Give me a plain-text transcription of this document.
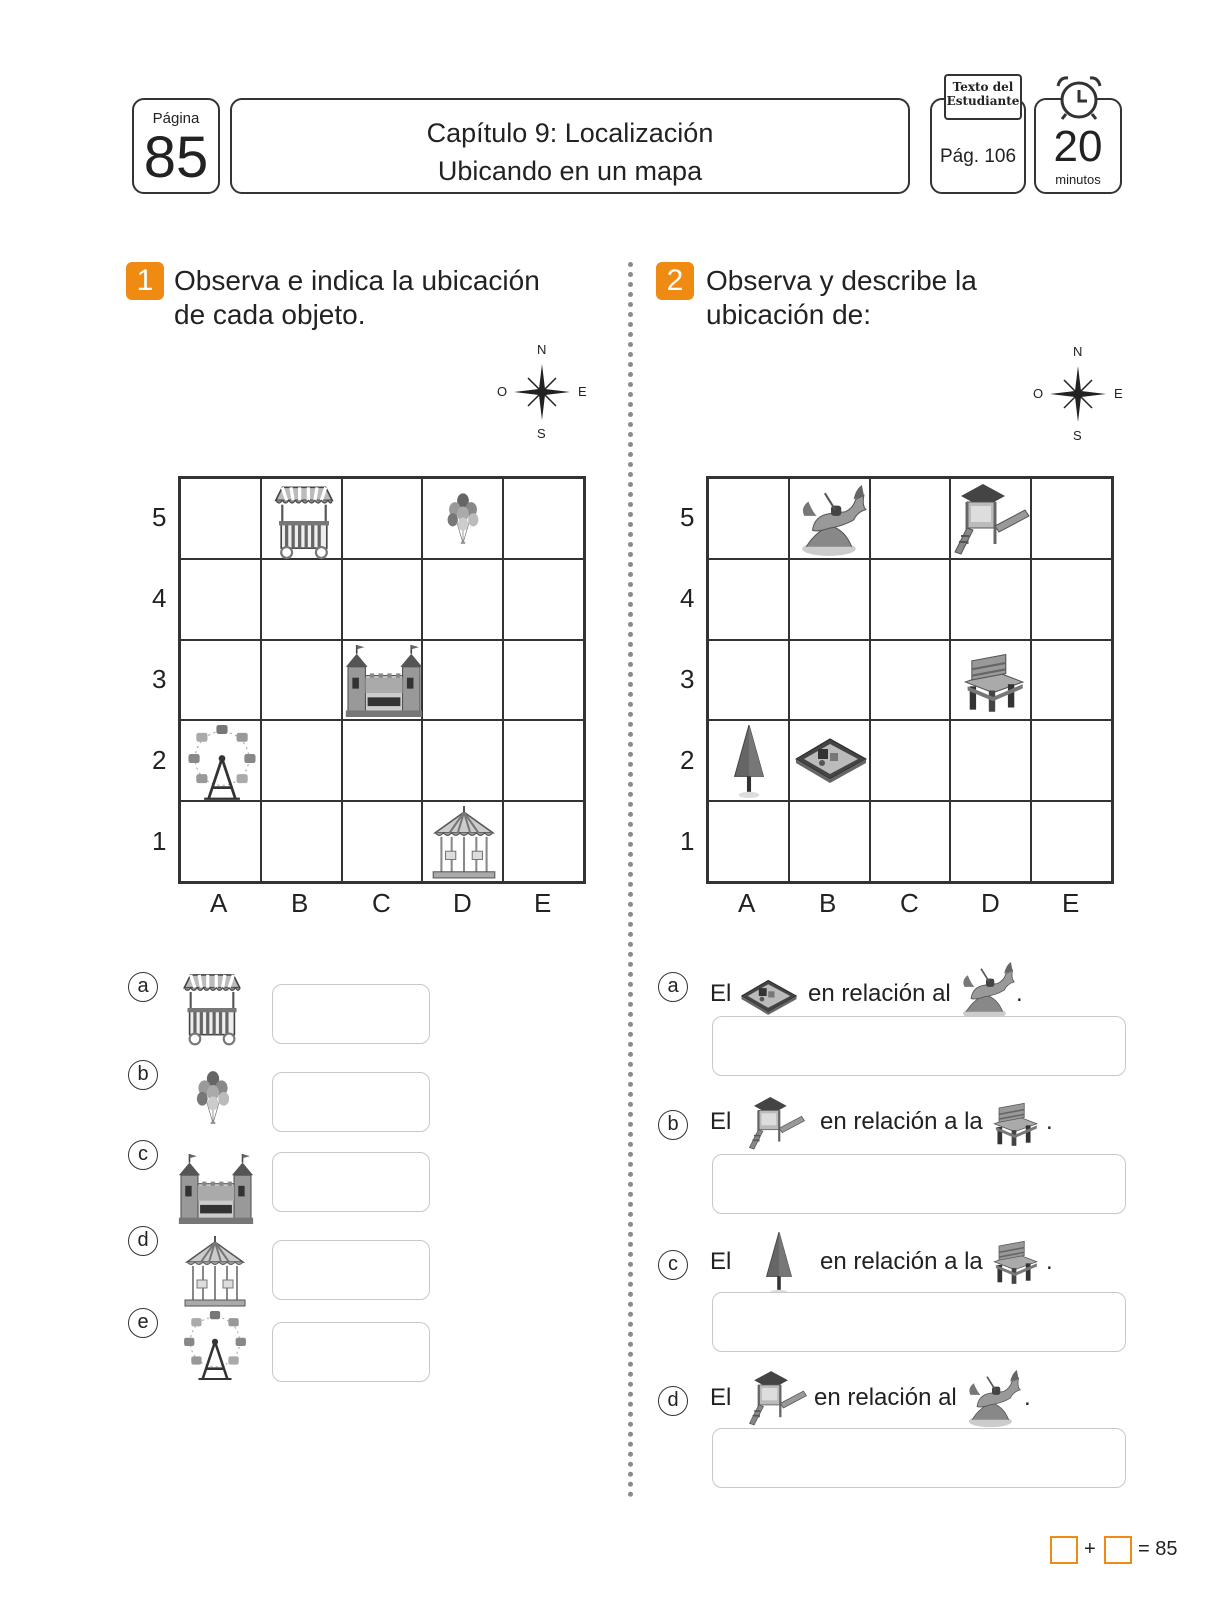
Página
85	Capítulo 9: Localización
Ubicando en un mapa	Pág. 106
Texto del
Estudiante
20
minutos
1 Observa e indica la ubicación
de cada objeto.
N
S
E
O
5
4
3
2
1
A B C D E
a
b
c
d
e
2 Observa y describe la
ubicación de:
N
S
E
O
5
4
3
2
1
A B C D E
a	El	en relación al	.
b	El	en relación a la	.
c	El	en relación a la	.
d	El	en relación al	.
+ = 85
